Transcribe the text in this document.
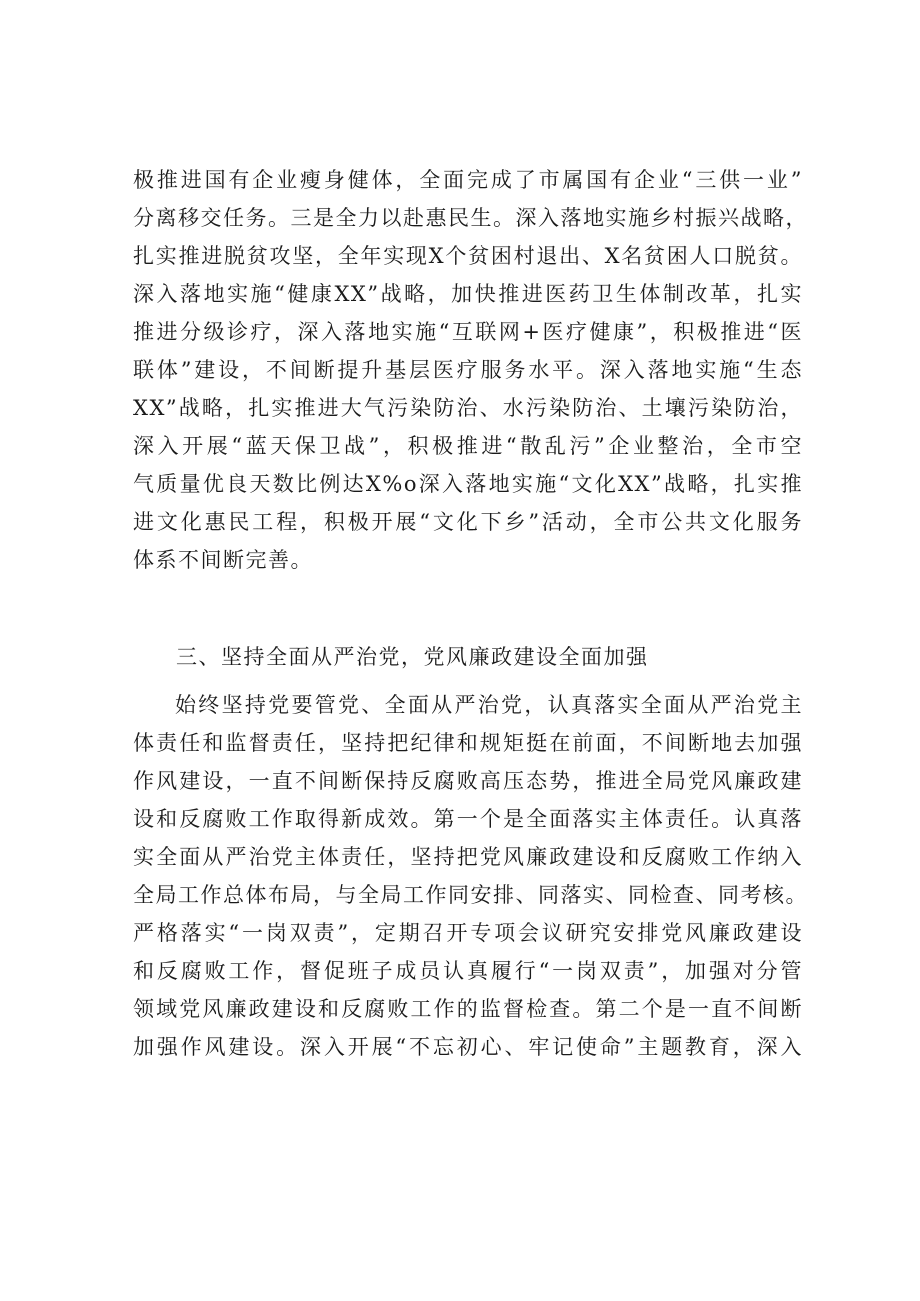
极推进国有企业瘦身健体，全面完成了市属国有企业“三供一业”
分离移交任务。三是全力以赴惠民生。深入落地实施乡村振兴战略，
扎实推进脱贫攻坚，全年实现X个贫困村退出、X名贫困人口脱贫。
深入落地实施“健康XX”战略，加快推进医药卫生体制改革，扎实
推进分级诊疗，深入落地实施“互联网+医疗健康”，积极推进“医
联体”建设，不间断提升基层医疗服务水平。深入落地实施“生态
XX”战略，扎实推进大气污染防治、水污染防治、土壤污染防治，
深入开展“蓝天保卫战”，积极推进“散乱污”企业整治，全市空
气质量优良天数比例达X%o深入落地实施“文化XX”战略，扎实推
进文化惠民工程，积极开展“文化下乡”活动，全市公共文化服务
体系不间断完善。

三、坚持全面从严治党，党风廉政建设全面加强

始终坚持党要管党、全面从严治党，认真落实全面从严治党主
体责任和监督责任，坚持把纪律和规矩挺在前面，不间断地去加强
作风建设，一直不间断保持反腐败高压态势，推进全局党风廉政建
设和反腐败工作取得新成效。第一个是全面落实主体责任。认真落
实全面从严治党主体责任，坚持把党风廉政建设和反腐败工作纳入
全局工作总体布局，与全局工作同安排、同落实、同检查、同考核。
严格落实“一岗双责”，定期召开专项会议研究安排党风廉政建设
和反腐败工作，督促班子成员认真履行“一岗双责”，加强对分管
领域党风廉政建设和反腐败工作的监督检查。第二个是一直不间断
加强作风建设。深入开展“不忘初心、牢记使命”主题教育，深入
